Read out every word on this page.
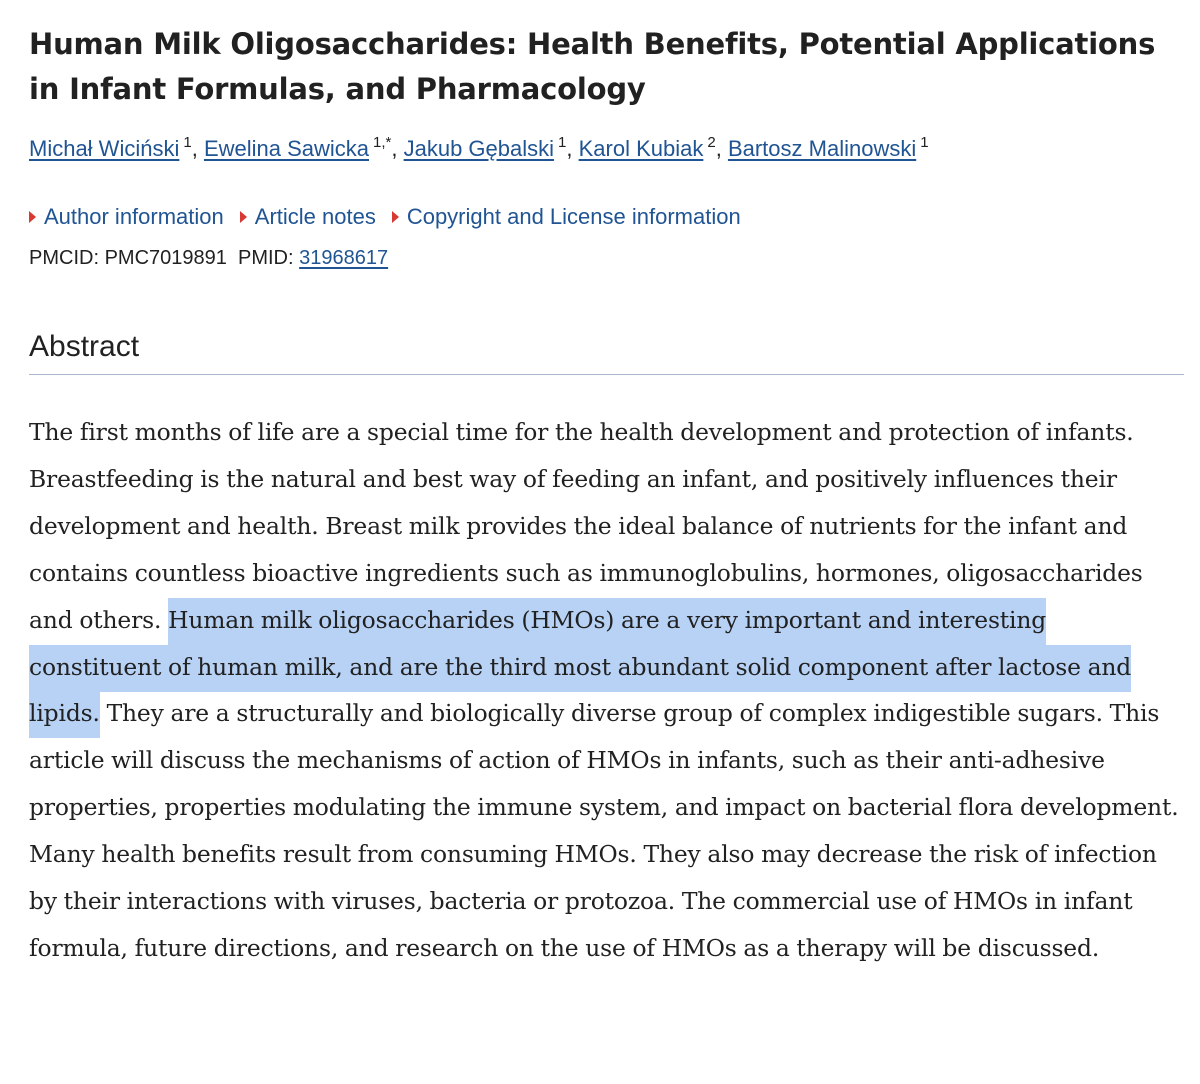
Human Milk Oligosaccharides: Health Benefits, Potential Applications in Infant Formulas, and Pharmacology
Michał Wiciński $^1$, Ewelina Sawicka $^{1,*}$, Jakub Gębalski $^1$, Karol Kubiak $^2$, Bartosz Malinowski $^1$
Author information Article notes Copyright and License information
PMCID: PMC7019891 PMID: 31968617
Abstract

The first months of life are a special time for the health development and protection of infants. Breastfeeding is the natural and best way of feeding an infant, and positively influences their development and health. Breast milk provides the ideal balance of nutrients for the infant and contains countless bioactive ingredients such as immunoglobulins, hormones, oligosaccharides and others. Human milk oligosaccharides (HMOs) are a very important and interesting constituent of human milk, and are the third most abundant solid component after lactose and lipids. They are a structurally and biologically diverse group of complex indigestible sugars. This article will discuss the mechanisms of action of HMOs in infants, such as their anti-adhesive properties, properties modulating the immune system, and impact on bacterial flora development. Many health benefits result from consuming HMOs. They also may decrease the risk of infection by their interactions with viruses, bacteria or protozoa. The commercial use of HMOs in infant formula, future directions, and research on the use of HMOs as a therapy will be discussed.
